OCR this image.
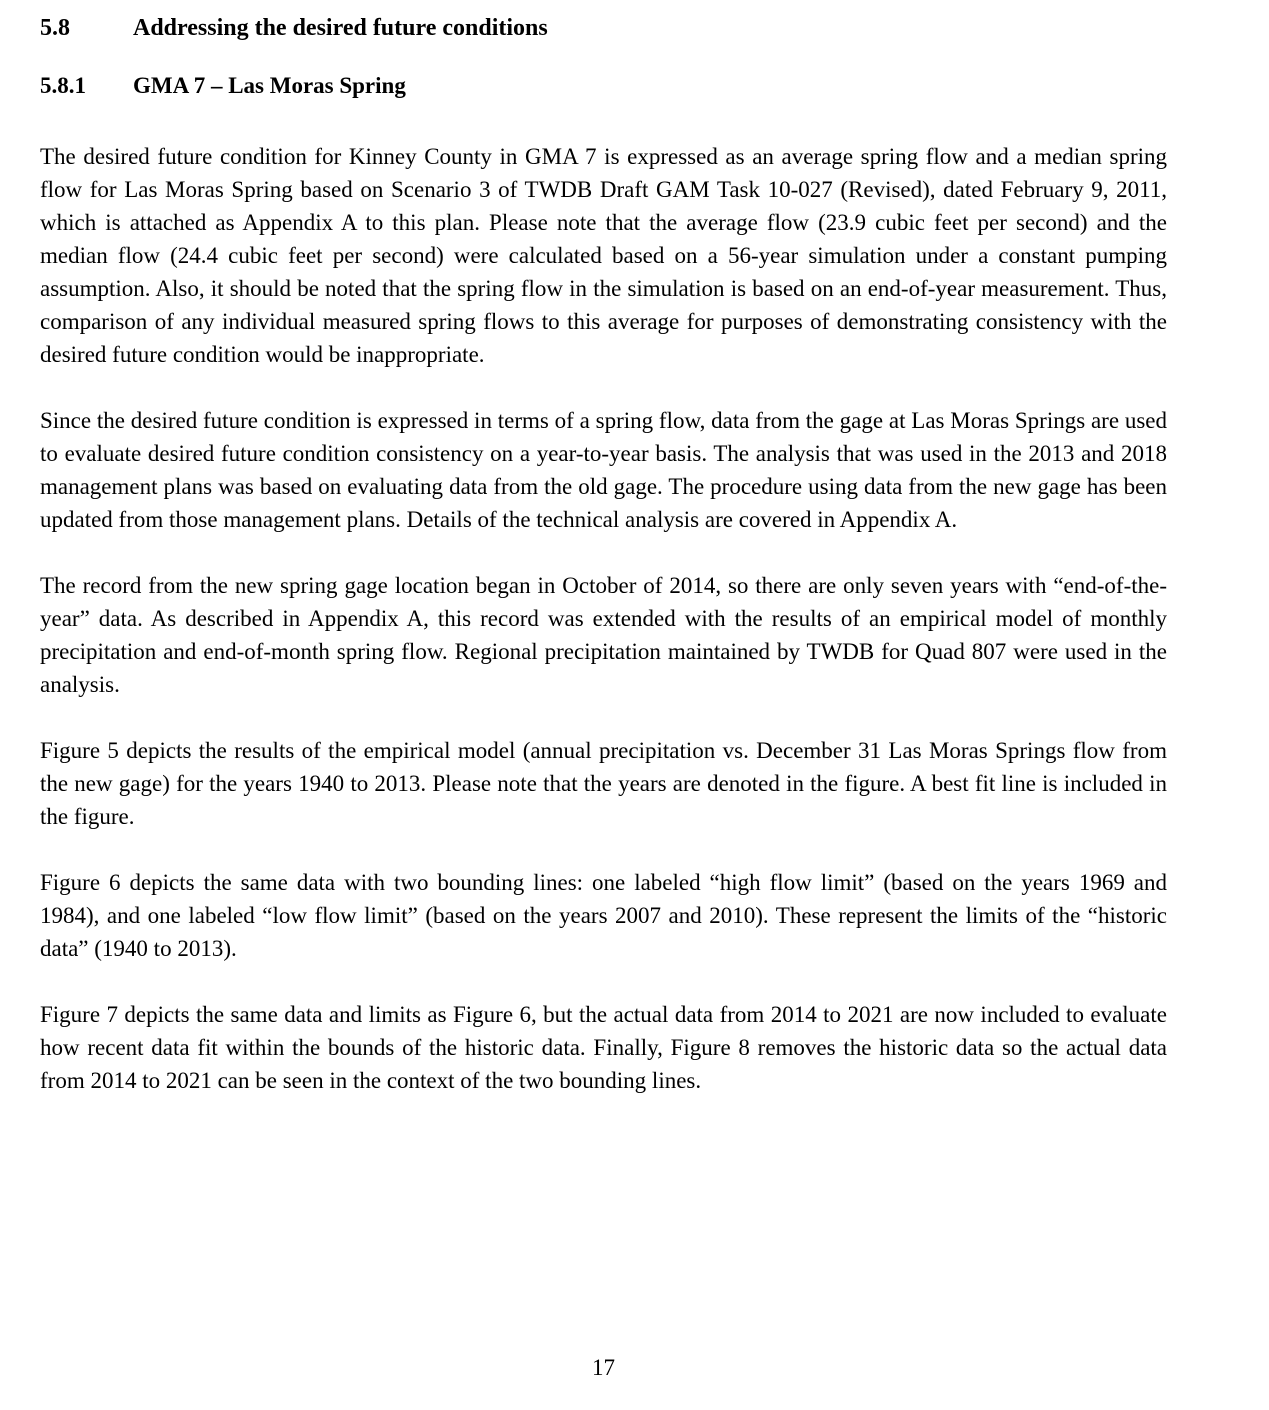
5.8	Addressing the desired future conditions
5.8.1 GMA 7 – Las Moras Spring

The desired future condition for Kinney County in GMA 7 is expressed as an average spring flow and a median spring flow for Las Moras Spring based on Scenario 3 of TWDB Draft GAM Task 10-027 (Revised), dated February 9, 2011, which is attached as Appendix A to this plan. Please note that the average flow (23.9 cubic feet per second) and the median flow (24.4 cubic feet per second) were calculated based on a 56-year simulation under a constant pumping assumption. Also, it should be noted that the spring flow in the simulation is based on an end-of-year measurement. Thus, comparison of any individual measured spring flows to this average for purposes of demonstrating consistency with the desired future condition would be inappropriate.

Since the desired future condition is expressed in terms of a spring flow, data from the gage at Las Moras Springs are used to evaluate desired future condition consistency on a year-to-year basis. The analysis that was used in the 2013 and 2018 management plans was based on evaluating data from the old gage. The procedure using data from the new gage has been updated from those management plans. Details of the technical analysis are covered in Appendix A.

The record from the new spring gage location began in October of 2014, so there are only seven years with “end-of-the-year” data. As described in Appendix A, this record was extended with the results of an empirical model of monthly precipitation and end-of-month spring flow. Regional precipitation maintained by TWDB for Quad 807 were used in the analysis.

Figure 5 depicts the results of the empirical model (annual precipitation vs. December 31 Las Moras Springs flow from the new gage) for the years 1940 to 2013. Please note that the years are denoted in the figure. A best fit line is included in the figure.

Figure 6 depicts the same data with two bounding lines: one labeled “high flow limit” (based on the years 1969 and 1984), and one labeled “low flow limit” (based on the years 2007 and 2010). These represent the limits of the “historic data” (1940 to 2013).

Figure 7 depicts the same data and limits as Figure 6, but the actual data from 2014 to 2021 are now included to evaluate how recent data fit within the bounds of the historic data. Finally, Figure 8 removes the historic data so the actual data from 2014 to 2021 can be seen in the context of the two bounding lines.

17
